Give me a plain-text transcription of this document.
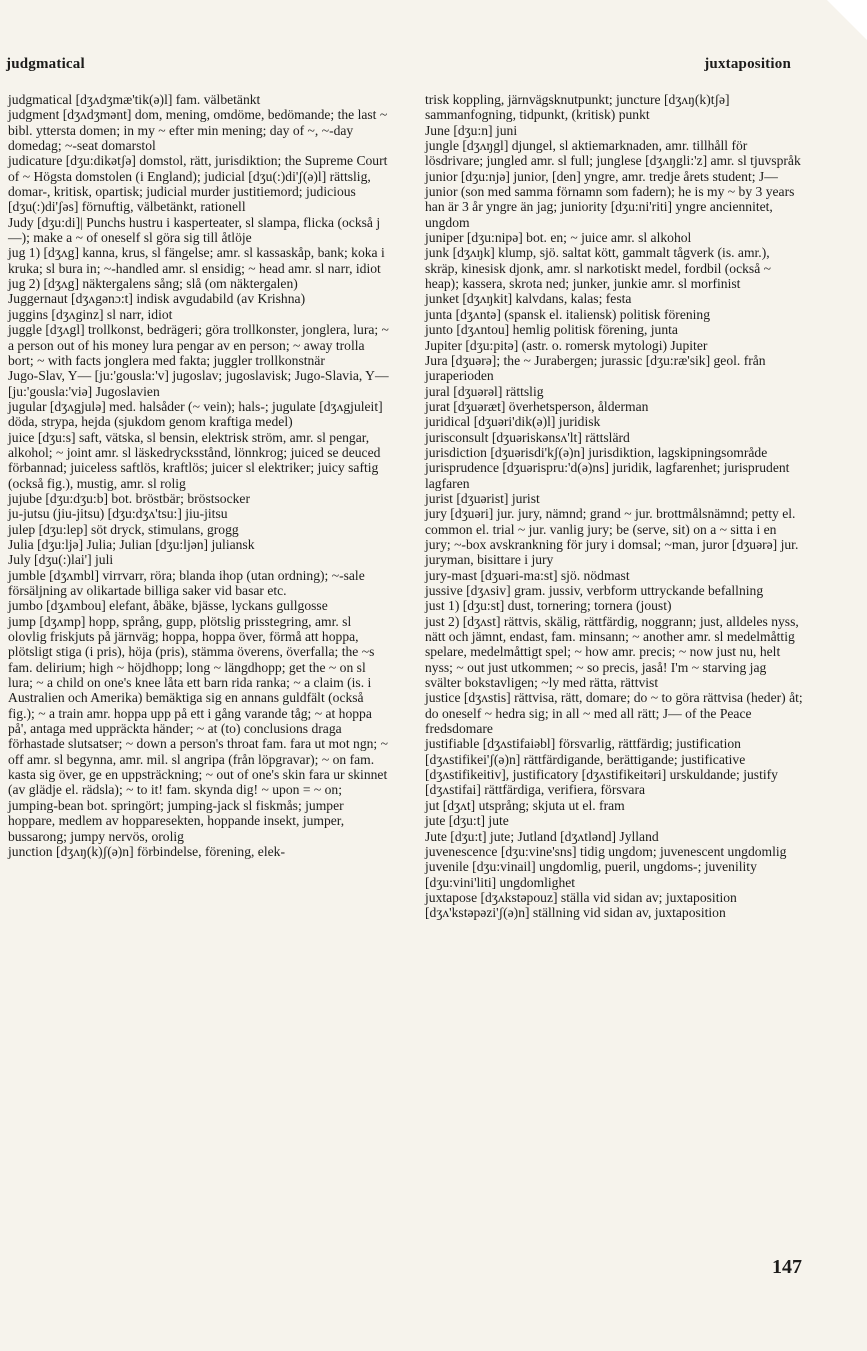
judgmatical	juxtaposition

judgmatical [dʒʌdʒmæ'tik(ə)l] fam. välbetänkt

judgment [dʒʌdʒmənt] dom, mening, omdöme, bedömande; the last ~ bibl. yttersta domen; in my ~ efter min mening; day of ~, ~-day domedag; ~-seat domarstol

judicature [dʒu:dikətʃə] domstol, rätt, jurisdiktion; the Supreme Court of ~ Högsta domstolen (i England); judicial [dʒu(:)di'ʃ(ə)l] rättslig, domar-, kritisk, opartisk; judicial murder justitiemord; judicious [dʒu(:)di'ʃəs] förnuftig, välbetänkt, rationell

Judy [dʒu:di]| Punchs hustru i kasperteater, sl slampa, flicka (också j—); make a ~ of oneself sl göra sig till åtlöje

jug 1) [dʒʌg] kanna, krus, sl fängelse; amr. sl kassaskåp, bank; koka i kruka; sl bura in; ~-handled amr. sl ensidig; ~ head amr. sl narr, idiot

jug 2) [dʒʌg] näktergalens sång; slå (om näktergalen)

Juggernaut [dʒʌgənɔ:t] indisk avgudabild (av Krishna)

juggins [dʒʌginz] sl narr, idiot

juggle [dʒʌgl] trollkonst, bedrägeri; göra trollkonster, jonglera, lura; ~ a person out of his money lura pengar av en person; ~ away trolla bort; ~ with facts jonglera med fakta; juggler trollkonstnär

Jugo-Slav, Y— [ju:'gousla:'v] jugoslav; jugoslavisk; Jugo-Slavia, Y— [ju:'gousla:'viə] Jugoslavien

jugular [dʒʌgjulə] med. halsåder (~ vein); hals-; jugulate [dʒʌgjuleit] döda, strypa, hejda (sjukdom genom kraftiga medel)

juice [dʒu:s] saft, vätska, sl bensin, elektrisk ström, amr. sl pengar, alkohol; ~ joint amr. sl läskedrycksstånd, lönnkrog; juiced se deuced förbannad; juiceless saftlös, kraftlös; juicer sl elektriker; juicy saftig (också fig.), mustig, amr. sl rolig

jujube [dʒu:dʒu:b] bot. bröstbär; bröstsocker

ju-jutsu (jiu-jitsu) [dʒu:dʒʌ'tsu:] jiu-jitsu

julep [dʒu:lep] söt dryck, stimulans, grogg

Julia [dʒu:ljə] Julia; Julian [dʒu:ljən] juliansk

July [dʒu(:)lai'] juli

jumble [dʒʌmbl] virrvarr, röra; blanda ihop (utan ordning); ~-sale försäljning av olikartade billiga saker vid basar etc.

jumbo [dʒʌmbou] elefant, åbäke, bjässe, lyckans gullgosse

jump [dʒʌmp] hopp, språng, gupp, plötslig prisstegring, amr. sl olovlig friskjuts på järnväg; hoppa, hoppa över, förmå att hoppa, plötsligt stiga (i pris), höja (pris), stämma överens, överfalla; the ~s fam. delirium; high ~ höjdhopp; long ~ längdhopp; get the ~ on sl lura; ~ a child on one's knee låta ett barn rida ranka; ~ a claim (is. i Australien och Amerika) bemäktiga sig en annans guldfält (också fig.); ~ a train amr. hoppa upp på ett i gång varande tåg; ~ at hoppa på', antaga med uppräckta händer; ~ at (to) conclusions draga förhastade slutsatser; ~ down a person's throat fam. fara ut mot ngn; ~ off amr. sl begynna, amr. mil. sl angripa (från löpgravar); ~ on fam. kasta sig över, ge en uppsträckning; ~ out of one's skin fara ur skinnet (av glädje el. rädsla); ~ to it! fam. skynda dig! ~ upon = ~ on; jumping-bean bot. springört; jumping-jack sl fiskmås; jumper hoppare, medlem av hopparesekten, hoppande insekt, jumper, bussarong; jumpy nervös, orolig

junction [dʒʌŋ(k)ʃ(ə)n] förbindelse, förening, elek-

trisk koppling, järnvägsknutpunkt; juncture [dʒʌŋ(k)tʃə] sammanfogning, tidpunkt, (kritisk) punkt

June [dʒu:n] juni

jungle [dʒʌŋgl] djungel, sl aktiemarknaden, amr. tillhåll för lösdrivare; jungled amr. sl full; junglese [dʒʌŋgli:'z] amr. sl tjuvspråk

junior [dʒu:njə] junior, [den] yngre, amr. tredje årets student; J— junior (son med samma förnamn som fadern); he is my ~ by 3 years han är 3 år yngre än jag; juniority [dʒu:ni'riti] yngre anciennitet, ungdom

juniper [dʒu:nipə] bot. en; ~ juice amr. sl alkohol

junk [dʒʌŋk] klump, sjö. saltat kött, gammalt tågverk (is. amr.), skräp, kinesisk djonk, amr. sl narkotiskt medel, fordbil (också ~ heap); kassera, skrota ned; junker, junkie amr. sl morfinist

junket [dʒʌŋkit] kalvdans, kalas; festa

junta [dʒʌntə] (spansk el. italiensk) politisk förening

junto [dʒʌntou] hemlig politisk förening, junta

Jupiter [dʒu:pitə] (astr. o. romersk mytologi) Jupiter

Jura [dʒuərə]; the ~ Jurabergen; jurassic [dʒu:ræ'sik] geol. från juraperioden

jural [dʒuərəl] rättslig

jurat [dʒuəræt] överhetsperson, ålderman

juridical [dʒuəri'dik(ə)l] juridisk

jurisconsult [dʒuəriskənsʌ'lt] rättslärd

jurisdiction [dʒuərisdi'kʃ(ə)n] jurisdiktion, lagskipningsområde

jurisprudence [dʒuərispru:'d(ə)ns] juridik, lagfarenhet; jurisprudent lagfaren

jurist [dʒuərist] jurist

jury [dʒuəri] jur. jury, nämnd; grand ~ jur. brottmålsnämnd; petty el. common el. trial ~ jur. vanlig jury; be (serve, sit) on a ~ sitta i en jury; ~-box avskrankning för jury i domsal; ~man, juror [dʒuərə] jur. juryman, bisittare i jury

jury-mast [dʒuəri-ma:st] sjö. nödmast

jussive [dʒʌsiv] gram. jussiv, verbform uttryckande befallning

just 1) [dʒu:st] dust, tornering; tornera (joust)

just 2) [dʒʌst] rättvis, skälig, rättfärdig, noggrann; just, alldeles nyss, nätt och jämnt, endast, fam. minsann; ~ another amr. sl medelmåttig spelare, medelmåttigt spel; ~ how amr. precis; ~ now just nu, helt nyss; ~ out just utkommen; ~ so precis, jaså! I'm ~ starving jag svälter bokstavligen; ~ly med rätta, rättvist

justice [dʒʌstis] rättvisa, rätt, domare; do ~ to göra rättvisa (heder) åt; do oneself ~ hedra sig; in all ~ med all rätt; J— of the Peace fredsdomare

justifiable [dʒʌstifaiəbl] försvarlig, rättfärdig; justification [dʒʌstifikei'ʃ(ə)n] rättfärdigande, berättigande; justificative [dʒʌstifikeitiv], justificatory [dʒʌstifikeitəri] urskuldande; justify [dʒʌstifai] rättfärdiga, verifiera, försvara

jut [dʒʌt] utsprång; skjuta ut el. fram

jute [dʒu:t] jute

Jute [dʒu:t] jute; Jutland [dʒʌtlənd] Jylland

juvenescence [dʒu:vine'sns] tidig ungdom; juvenescent ungdomlig

juvenile [dʒu:vinail] ungdomlig, pueril, ungdoms-; juvenility [dʒu:vini'liti] ungdomlighet

juxtapose [dʒʌkstəpouz] ställa vid sidan av; juxtaposition [dʒʌ'kstəpəzi'ʃ(ə)n] ställning vid sidan av, juxtaposition

147
